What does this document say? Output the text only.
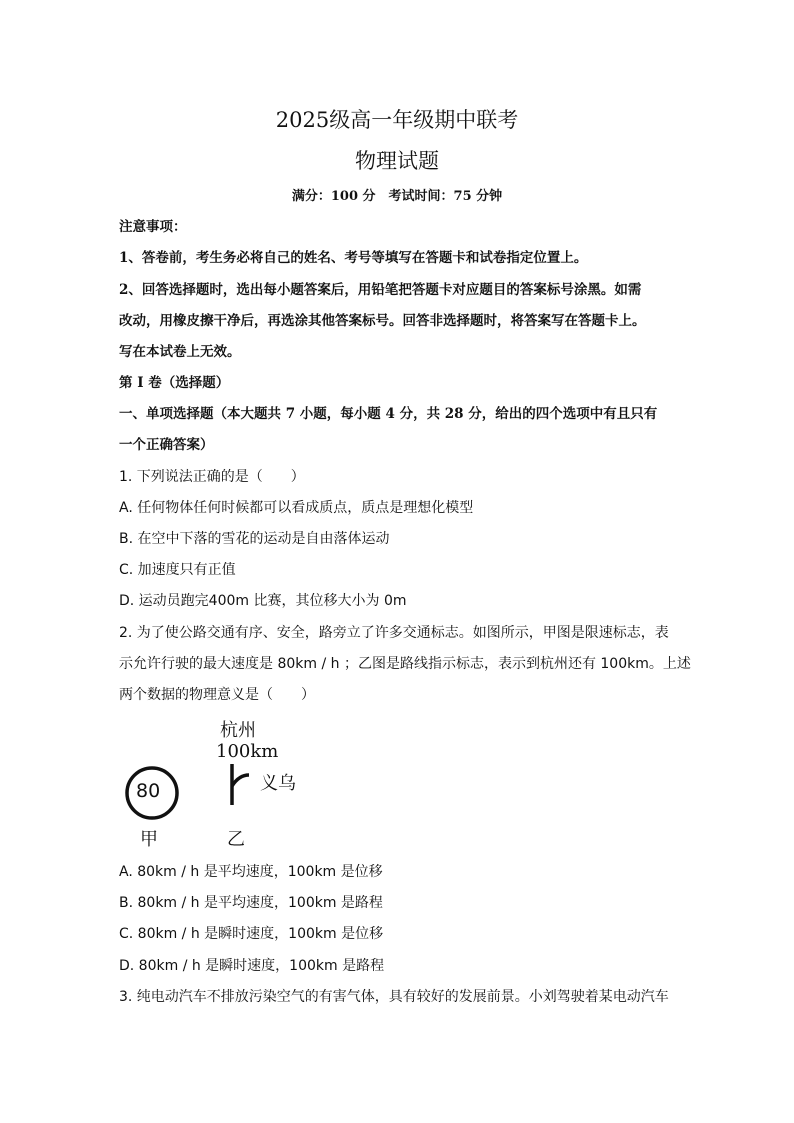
2025级高一年级期中联考
物理试题
满分：100 分　考试时间：75 分钟
注意事项：
1、答卷前，考生务必将自己的姓名、考号等填写在答题卡和试卷指定位置上。
2、回答选择题时，选出每小题答案后，用铅笔把答题卡对应题目的答案标号涂黑。如需
改动，用橡皮擦干净后，再选涂其他答案标号。回答非选择题时，将答案写在答题卡上。
写在本试卷上无效。
第 I 卷（选择题）
一、单项选择题（本大题共 7 小题，每小题 4 分，共 28 分，给出的四个选项中有且只有
一个正确答案）
1. 下列说法正确的是（　　）
A. 任何物体任何时候都可以看成质点，质点是理想化模型
B. 在空中下落的雪花的运动是自由落体运动
C. 加速度只有正值
D. 运动员跑完400m 比赛，其位移大小为 0m
2. 为了使公路交通有序、安全，路旁立了许多交通标志。如图所示，甲图是限速标志，表
示允许行驶的最大速度是 80km / h ；乙图是路线指示标志，表示到杭州还有 100km。上述
两个数据的物理意义是（　　）
80
杭州
100km
义乌
甲	乙
A. 80km / h 是平均速度，100km 是位移
B. 80km / h 是平均速度，100km 是路程
C. 80km / h 是瞬时速度，100km 是位移
D. 80km / h 是瞬时速度，100km 是路程
3. 纯电动汽车不排放污染空气的有害气体，具有较好的发展前景。小刘驾驶着某电动汽车
